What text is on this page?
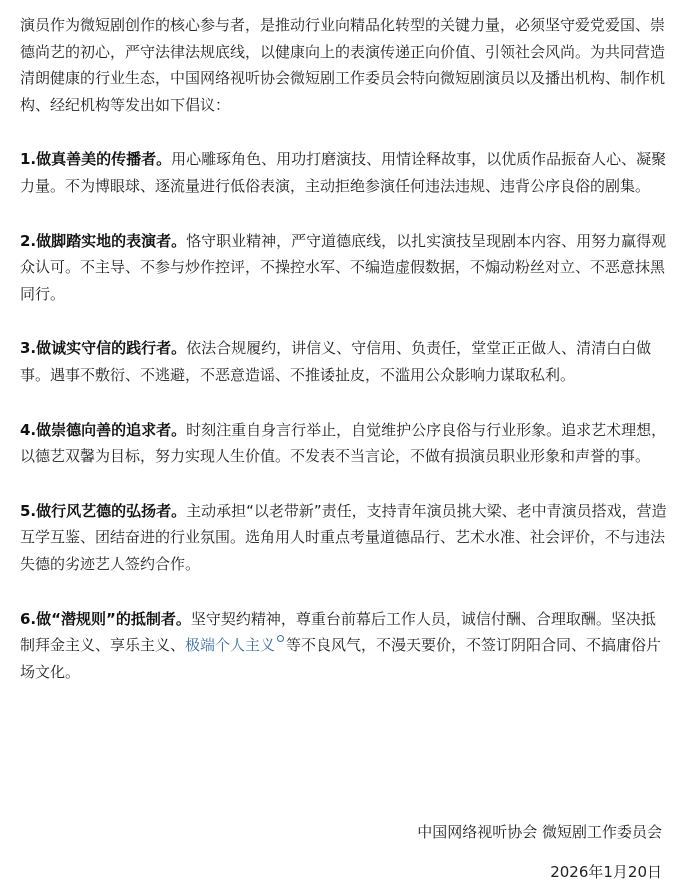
演员作为微短剧创作的核心参与者，是推动行业向精品化转型的关键力量，必须坚守爱党爱国、崇德尚艺的初心，严守法律法规底线，以健康向上的表演传递正向价值、引领社会风尚。为共同营造清朗健康的行业生态，中国网络视听协会微短剧工作委员会特向微短剧演员以及播出机构、制作机构、经纪机构等发出如下倡议：

1.做真善美的传播者。用心雕琢角色、用功打磨演技、用情诠释故事，以优质作品振奋人心、凝聚力量。不为博眼球、逐流量进行低俗表演，主动拒绝参演任何违法违规、违背公序良俗的剧集。

2.做脚踏实地的表演者。恪守职业精神，严守道德底线，以扎实演技呈现剧本内容、用努力赢得观众认可。不主导、不参与炒作控评，不操控水军、不编造虚假数据，不煽动粉丝对立、不恶意抹黑同行。

3.做诚实守信的践行者。依法合规履约，讲信义、守信用、负责任，堂堂正正做人、清清白白做事。遇事不敷衍、不逃避，不恶意造谣、不推诿扯皮，不滥用公众影响力谋取私利。

4.做崇德向善的追求者。时刻注重自身言行举止，自觉维护公序良俗与行业形象。追求艺术理想，以德艺双馨为目标，努力实现人生价值。不发表不当言论，不做有损演员职业形象和声誉的事。

5.做行风艺德的弘扬者。主动承担“以老带新”责任，支持青年演员挑大梁、老中青演员搭戏，营造互学互鉴、团结奋进的行业氛围。选角用人时重点考量道德品行、艺术水准、社会评价，不与违法失德的劣迹艺人签约合作。

6.做“潜规则”的抵制者。坚守契约精神，尊重台前幕后工作人员，诚信付酬、合理取酬。坚决抵制拜金主义、享乐主义、极端个人主义 等不良风气，不漫天要价，不签订阴阳合同、不搞庸俗片场文化。

中国网络视听协会 微短剧工作委员会
2026年1月20日
